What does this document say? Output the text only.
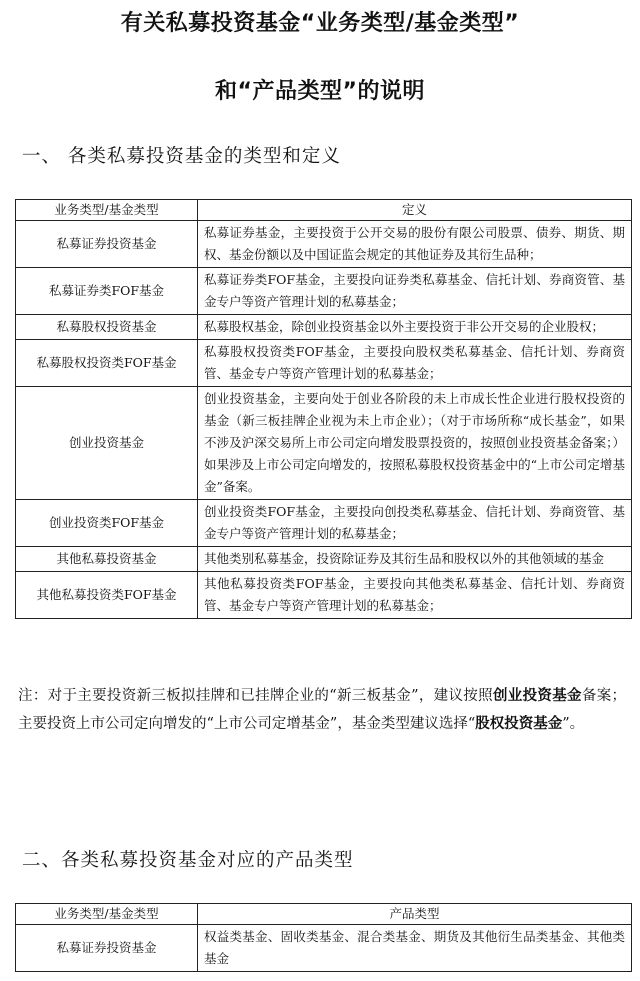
有关私募投资基金“业务类型/基金类型”
和“产品类型”的说明
一、 各类私募投资基金的类型和定义
业务类型/基金类型	定义
私募证券投资基金	私募证券基金，主要投资于公开交易的股份有限公司股票、债券、期货、期权、基金份额以及中国证监会规定的其他证券及其衍生品种；
私募证券类FOF基金	私募证券类FOF基金，主要投向证券类私募基金、信托计划、券商资管、基金专户等资产管理计划的私募基金；
私募股权投资基金	私募股权基金，除创业投资基金以外主要投资于非公开交易的企业股权；
私募股权投资类FOF基金	私募股权投资类FOF基金，主要投向股权类私募基金、信托计划、券商资管、基金专户等资产管理计划的私募基金；
创业投资基金	创业投资基金，主要向处于创业各阶段的未上市成长性企业进行股权投资的基金（新三板挂牌企业视为未上市企业）；（对于市场所称“成长基金”，如果不涉及沪深交易所上市公司定向增发股票投资的，按照创业投资基金备案；）如果涉及上市公司定向增发的，按照私募股权投资基金中的“上市公司定增基金”备案。
创业投资类FOF基金	创业投资类FOF基金，主要投向创投类私募基金、信托计划、券商资管、基金专户等资产管理计划的私募基金；
其他私募投资基金	其他类别私募基金，投资除证券及其衍生品和股权以外的其他领域的基金
其他私募投资类FOF基金	其他私募投资类FOF基金，主要投向其他类私募基金、信托计划、券商资管、基金专户等资产管理计划的私募基金；

注：对于主要投资新三板拟挂牌和已挂牌企业的“新三板基金”，建议按照创业投资基金备案；主要投资上市公司定向增发的“上市公司定增基金”，基金类型建议选择“股权投资基金”。

二、各类私募投资基金对应的产品类型
业务类型/基金类型	产品类型
私募证券投资基金	权益类基金、固收类基金、混合类基金、期货及其他衍生品类基金、其他类基金
